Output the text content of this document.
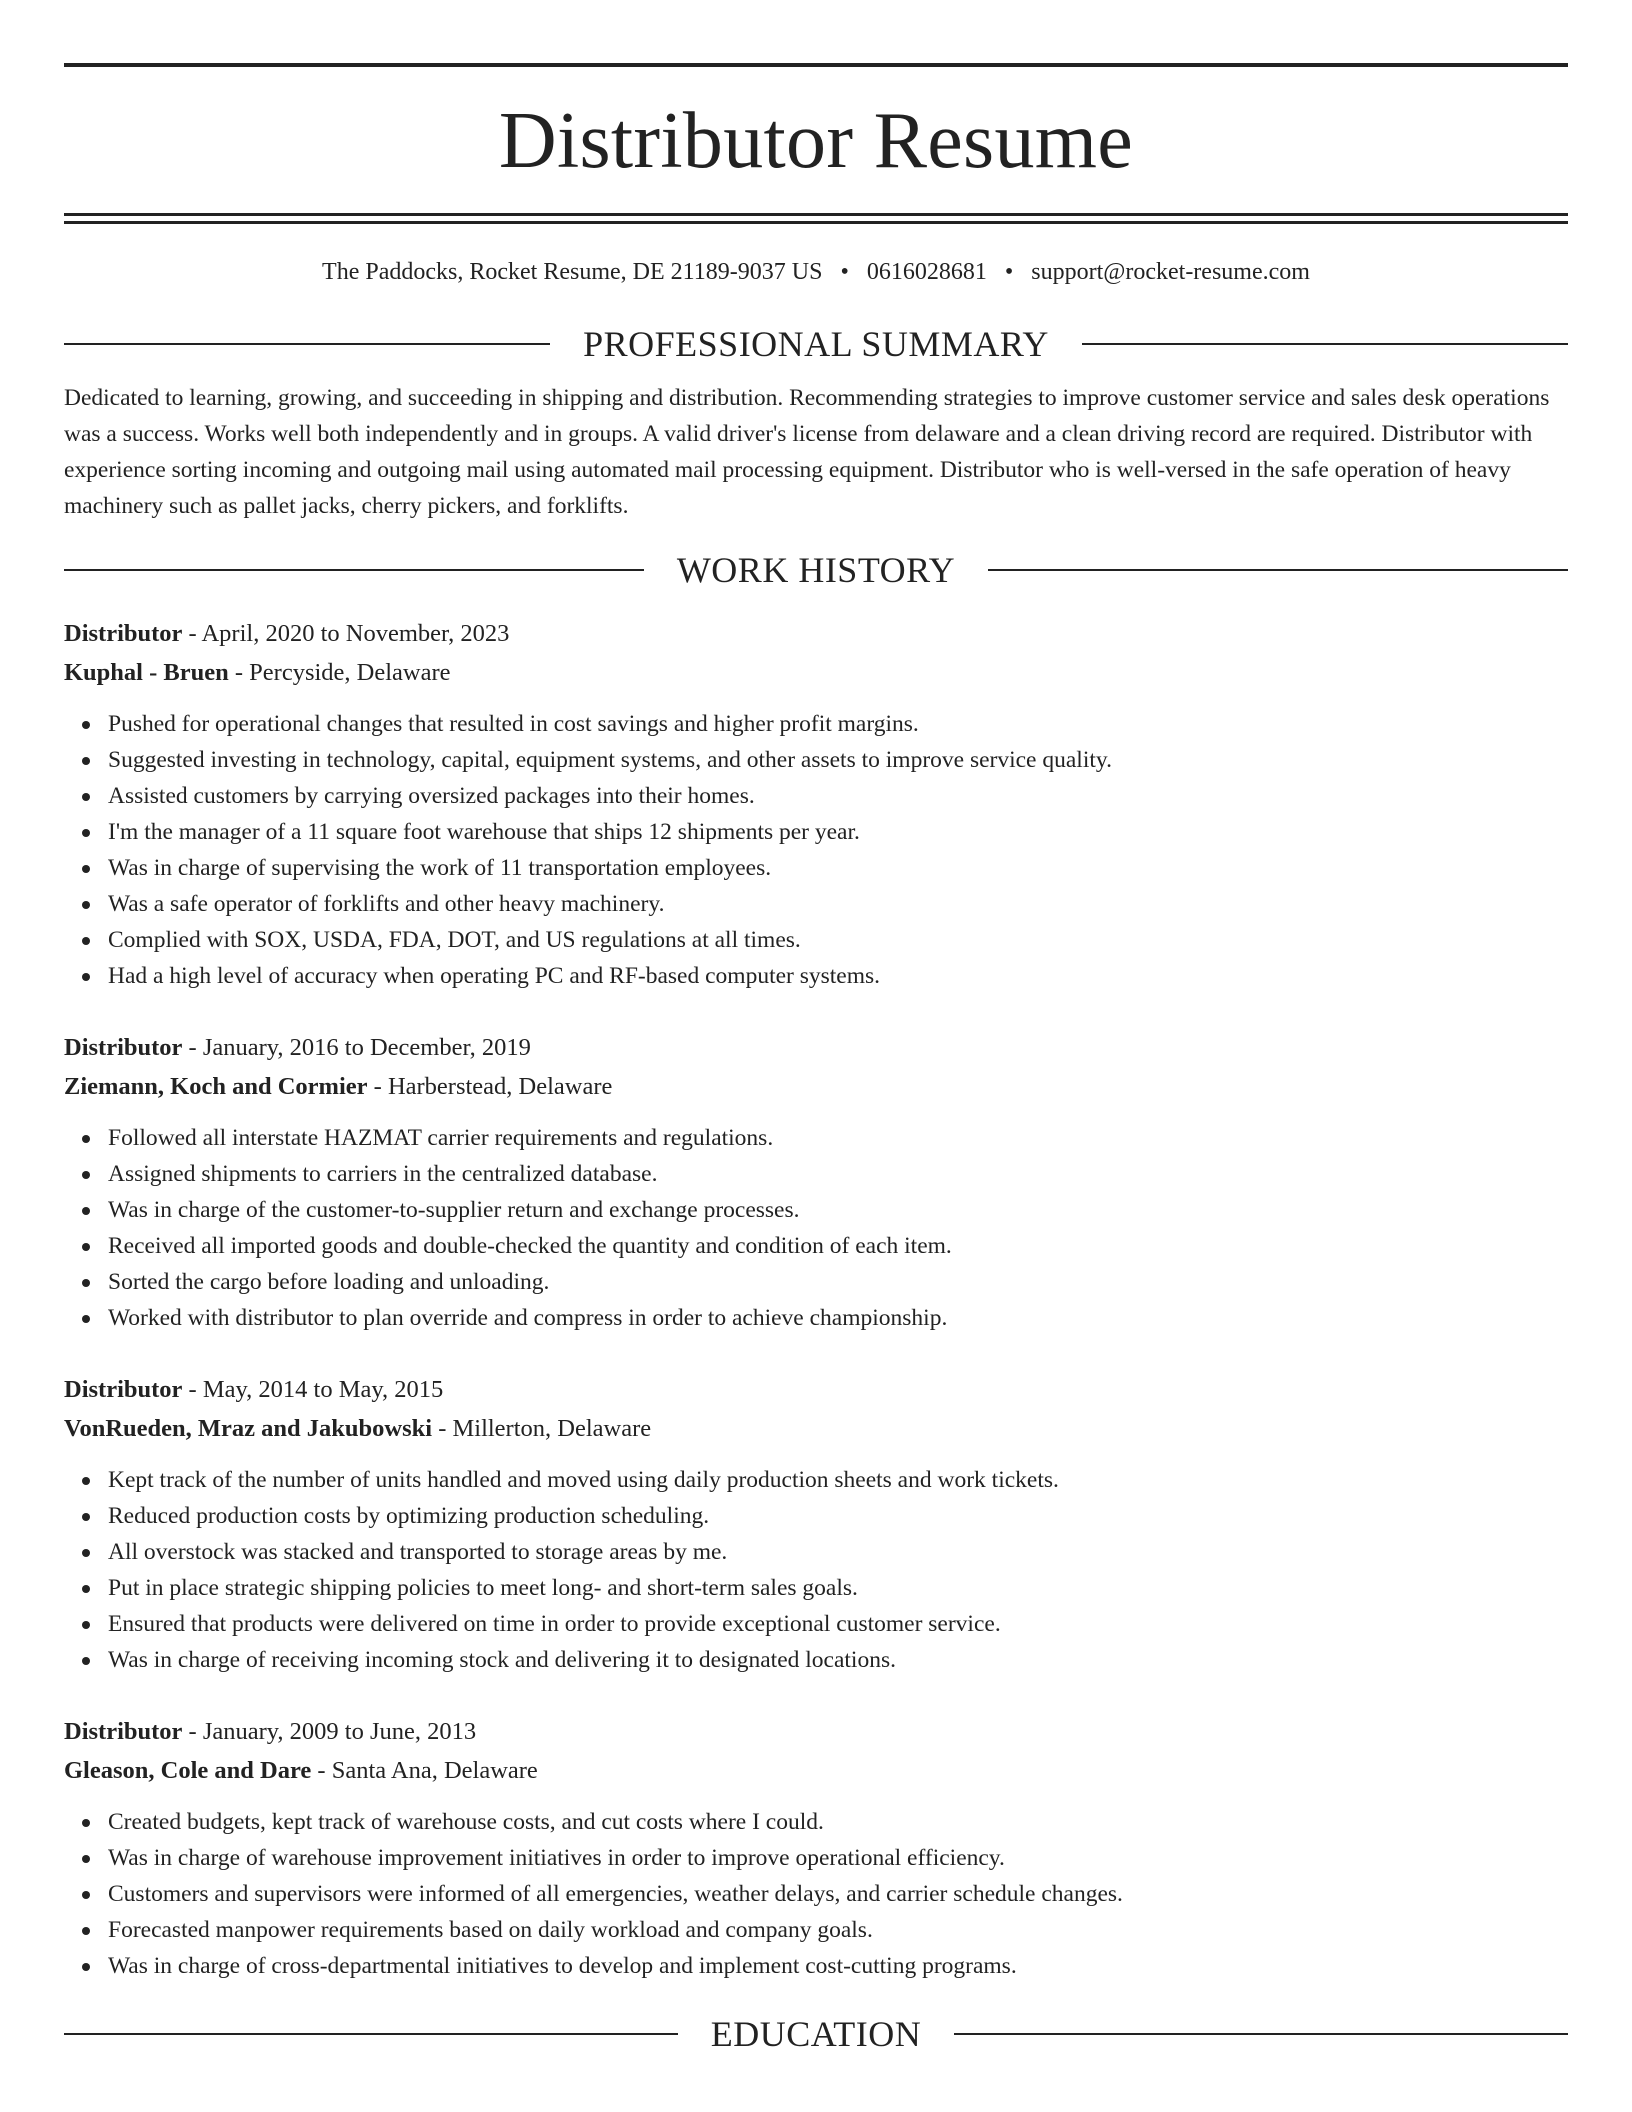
Distributor Resume
The Paddocks, Rocket Resume, DE 21189-9037 US • 0616028681 • support@rocket-resume.com
PROFESSIONAL SUMMARY

Dedicated to learning, growing, and succeeding in shipping and distribution. Recommending strategies to improve customer service and sales desk operations was a success. Works well both independently and in groups. A valid driver's license from delaware and a clean driving record are required. Distributor with experience sorting incoming and outgoing mail using automated mail processing equipment. Distributor who is well-versed in the safe operation of heavy machinery such as pallet jacks, cherry pickers, and forklifts.

WORK HISTORY
Distributor - April, 2020 to November, 2023
Kuphal - Bruen - Percyside, Delaware
Pushed for operational changes that resulted in cost savings and higher profit margins.
Suggested investing in technology, capital, equipment systems, and other assets to improve service quality.
Assisted customers by carrying oversized packages into their homes.
I'm the manager of a 11 square foot warehouse that ships 12 shipments per year.
Was in charge of supervising the work of 11 transportation employees.
Was a safe operator of forklifts and other heavy machinery.
Complied with SOX, USDA, FDA, DOT, and US regulations at all times.
Had a high level of accuracy when operating PC and RF-based computer systems.
Distributor - January, 2016 to December, 2019
Ziemann, Koch and Cormier - Harberstead, Delaware
Followed all interstate HAZMAT carrier requirements and regulations.
Assigned shipments to carriers in the centralized database.
Was in charge of the customer-to-supplier return and exchange processes.
Received all imported goods and double-checked the quantity and condition of each item.
Sorted the cargo before loading and unloading.
Worked with distributor to plan override and compress in order to achieve championship.
Distributor - May, 2014 to May, 2015
VonRueden, Mraz and Jakubowski - Millerton, Delaware
Kept track of the number of units handled and moved using daily production sheets and work tickets.
Reduced production costs by optimizing production scheduling.
All overstock was stacked and transported to storage areas by me.
Put in place strategic shipping policies to meet long- and short-term sales goals.
Ensured that products were delivered on time in order to provide exceptional customer service.
Was in charge of receiving incoming stock and delivering it to designated locations.
Distributor - January, 2009 to June, 2013
Gleason, Cole and Dare - Santa Ana, Delaware
Created budgets, kept track of warehouse costs, and cut costs where I could.
Was in charge of warehouse improvement initiatives in order to improve operational efficiency.
Customers and supervisors were informed of all emergencies, weather delays, and carrier schedule changes.
Forecasted manpower requirements based on daily workload and company goals.
Was in charge of cross-departmental initiatives to develop and implement cost-cutting programs.
EDUCATION
